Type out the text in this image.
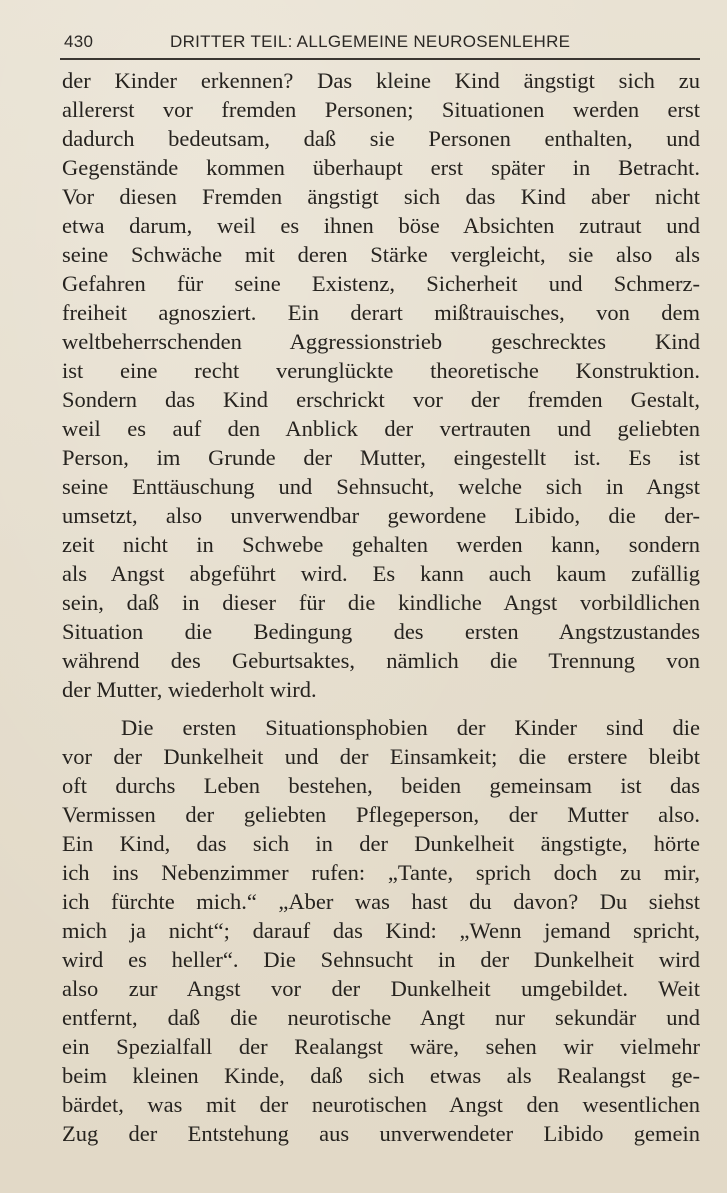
430	DRITTER TEIL: ALLGEMEINE NEUROSENLEHRE
der Kinder erkennen? Das kleine Kind ängstigt sich zu
allererst vor fremden Personen; Situationen werden erst
dadurch bedeutsam, daß sie Personen enthalten, und
Gegenstände kommen überhaupt erst später in Betracht.
Vor diesen Fremden ängstigt sich das Kind aber nicht
etwa darum, weil es ihnen böse Absichten zutraut und
seine Schwäche mit deren Stärke vergleicht, sie also als
Gefahren für seine Existenz, Sicherheit und Schmerz-
freiheit agnosziert. Ein derart mißtrauisches, von dem
weltbeherrschenden Aggressionstrieb geschrecktes Kind
ist eine recht verunglückte theoretische Konstruktion.
Sondern das Kind erschrickt vor der fremden Gestalt,
weil es auf den Anblick der vertrauten und geliebten
Person, im Grunde der Mutter, eingestellt ist. Es ist
seine Enttäuschung und Sehnsucht, welche sich in Angst
umsetzt, also unverwendbar gewordene Libido, die der-
zeit nicht in Schwebe gehalten werden kann, sondern
als Angst abgeführt wird. Es kann auch kaum zufällig
sein, daß in dieser für die kindliche Angst vorbildlichen
Situation die Bedingung des ersten Angstzustandes
während des Geburtsaktes, nämlich die Trennung von
der Mutter, wiederholt wird.
Die ersten Situationsphobien der Kinder sind die
vor der Dunkelheit und der Einsamkeit; die erstere bleibt
oft durchs Leben bestehen, beiden gemeinsam ist das
Vermissen der geliebten Pflegeperson, der Mutter also.
Ein Kind, das sich in der Dunkelheit ängstigte, hörte
ich ins Nebenzimmer rufen: „Tante, sprich doch zu mir,
ich fürchte mich.“ „Aber was hast du davon? Du siehst
mich ja nicht“; darauf das Kind: „Wenn jemand spricht,
wird es heller“. Die Sehnsucht in der Dunkelheit wird
also zur Angst vor der Dunkelheit umgebildet. Weit
entfernt, daß die neurotische Angt nur sekundär und
ein Spezialfall der Realangst wäre, sehen wir vielmehr
beim kleinen Kinde, daß sich etwas als Realangst ge-
bärdet, was mit der neurotischen Angst den wesentlichen
Zug der Entstehung aus unverwendeter Libido gemein
